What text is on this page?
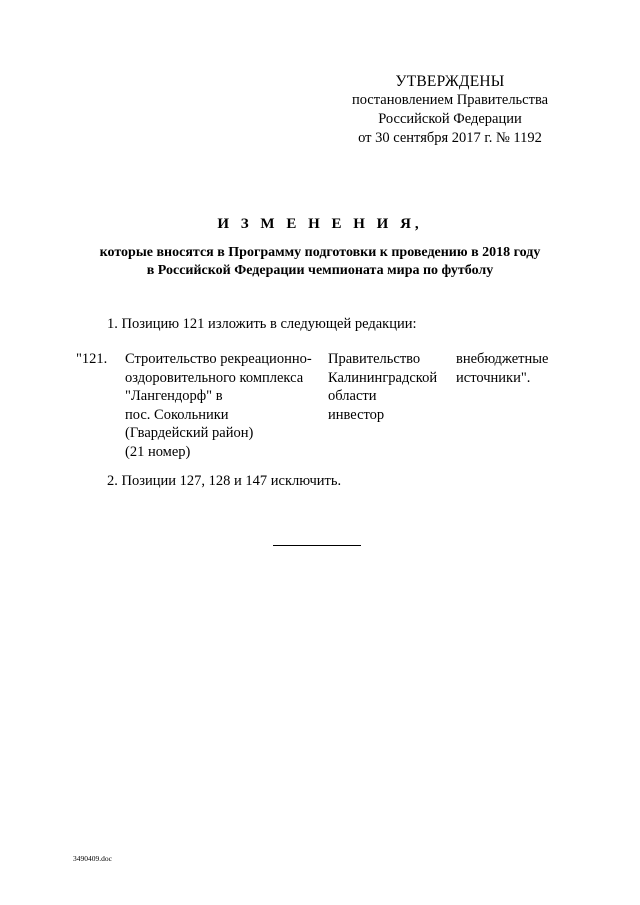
УТВЕРЖДЕНЫ
постановлением Правительства
Российской Федерации
от 30 сентября 2017 г. № 1192
И З М Е Н Е Н И Я,
которые вносятся в Программу подготовки к проведению в 2018 году
в Российской Федерации чемпионата мира по футболу
1. Позицию 121 изложить в следующей редакции:
"121. Строительство рекреационно-
оздоровительного комплекса
"Лангендорф" в
пос. Сокольники
(Гвардейский район)
(21 номер)
Правительство
Калининградской
области
инвестор
внебюджетные
источники".
2. Позиции 127, 128 и 147 исключить.
3490409.doc
